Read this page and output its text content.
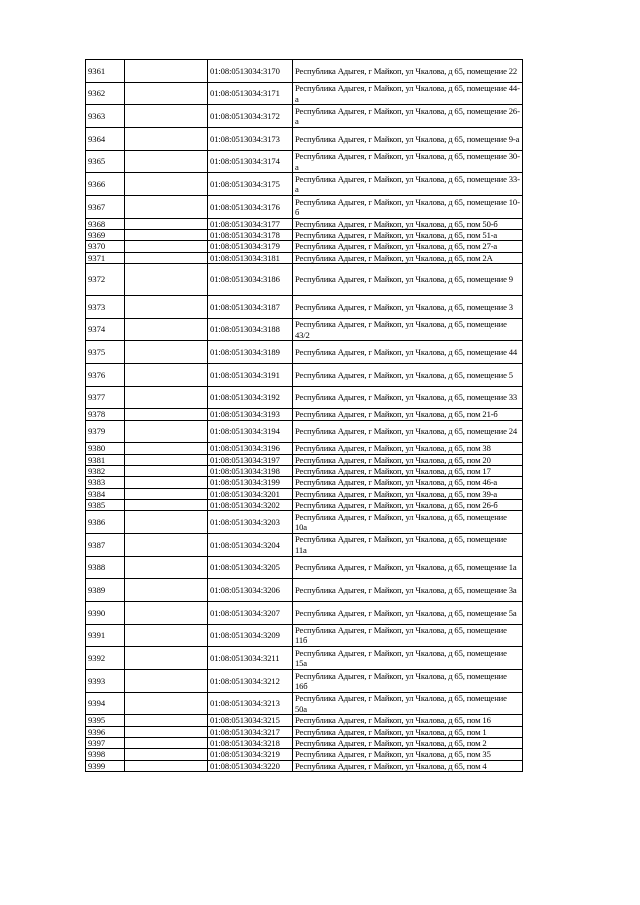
9361		01:08:0513034:3170	Республика Адыгея, г Майкоп, ул Чкалова, д 65, помещение 22
9362		01:08:0513034:3171	Республика Адыгея, г Майкоп, ул Чкалова, д 65, помещение 44-а
9363		01:08:0513034:3172	Республика Адыгея, г Майкоп, ул Чкалова, д 65, помещение 26-а
9364		01:08:0513034:3173	Республика Адыгея, г Майкоп, ул Чкалова, д 65, помещение 9-а
9365		01:08:0513034:3174	Республика Адыгея, г Майкоп, ул Чкалова, д 65, помещение 30-а
9366		01:08:0513034:3175	Республика Адыгея, г Майкоп, ул Чкалова, д 65, помещение 33-а
9367		01:08:0513034:3176	Республика Адыгея, г Майкоп, ул Чкалова, д 65, помещение 10-б
9368		01:08:0513034:3177	Республика Адыгея, г Майкоп, ул Чкалова, д 65, пом 50-б
9369		01:08:0513034:3178	Республика Адыгея, г Майкоп, ул Чкалова, д 65, пом 51-а
9370		01:08:0513034:3179	Республика Адыгея, г Майкоп, ул Чкалова, д 65, пом 27-а
9371		01:08:0513034:3181	Республика Адыгея, г Майкоп, ул Чкалова, д 65, пом 2А
9372		01:08:0513034:3186	Республика Адыгея, г Майкоп, ул Чкалова, д 65, помещение 9
9373		01:08:0513034:3187	Республика Адыгея, г Майкоп, ул Чкалова, д 65, помещение 3
9374		01:08:0513034:3188	Республика Адыгея, г Майкоп, ул Чкалова, д 65, помещение 43/2
9375		01:08:0513034:3189	Республика Адыгея, г Майкоп, ул Чкалова, д 65, помещение 44
9376		01:08:0513034:3191	Республика Адыгея, г Майкоп, ул Чкалова, д 65, помещение 5
9377		01:08:0513034:3192	Республика Адыгея, г Майкоп, ул Чкалова, д 65, помещение 33
9378		01:08:0513034:3193	Республика Адыгея, г Майкоп, ул Чкалова, д 65, пом 21-б
9379		01:08:0513034:3194	Республика Адыгея, г Майкоп, ул Чкалова, д 65, помещение 24
9380		01:08:0513034:3196	Республика Адыгея, г Майкоп, ул Чкалова, д 65, пом 38
9381		01:08:0513034:3197	Республика Адыгея, г Майкоп, ул Чкалова, д 65, пом 20
9382		01:08:0513034:3198	Республика Адыгея, г Майкоп, ул Чкалова, д 65, пом 17
9383		01:08:0513034:3199	Республика Адыгея, г Майкоп, ул Чкалова, д 65, пом 46-а
9384		01:08:0513034:3201	Республика Адыгея, г Майкоп, ул Чкалова, д 65, пом 39-а
9385		01:08:0513034:3202	Республика Адыгея, г Майкоп, ул Чкалова, д 65, пом 26-б
9386		01:08:0513034:3203	Республика Адыгея, г Майкоп, ул Чкалова, д 65, помещение 10а
9387		01:08:0513034:3204	Республика Адыгея, г Майкоп, ул Чкалова, д 65, помещение 11а
9388		01:08:0513034:3205	Республика Адыгея, г Майкоп, ул Чкалова, д 65, помещение 1а
9389		01:08:0513034:3206	Республика Адыгея, г Майкоп, ул Чкалова, д 65, помещение 3а
9390		01:08:0513034:3207	Республика Адыгея, г Майкоп, ул Чкалова, д 65, помещение 5а
9391		01:08:0513034:3209	Республика Адыгея, г Майкоп, ул Чкалова, д 65, помещение 11б
9392		01:08:0513034:3211	Республика Адыгея, г Майкоп, ул Чкалова, д 65, помещение 15а
9393		01:08:0513034:3212	Республика Адыгея, г Майкоп, ул Чкалова, д 65, помещение 16б
9394		01:08:0513034:3213	Республика Адыгея, г Майкоп, ул Чкалова, д 65, помещение 50а
9395		01:08:0513034:3215	Республика Адыгея, г Майкоп, ул Чкалова, д 65, пом 16
9396		01:08:0513034:3217	Республика Адыгея, г Майкоп, ул Чкалова, д 65, пом 1
9397		01:08:0513034:3218	Республика Адыгея, г Майкоп, ул Чкалова, д 65, пом 2
9398		01:08:0513034:3219	Республика Адыгея, г Майкоп, ул Чкалова, д 65, пом 35
9399		01:08:0513034:3220	Республика Адыгея, г Майкоп, ул Чкалова, д 65, пом 4
